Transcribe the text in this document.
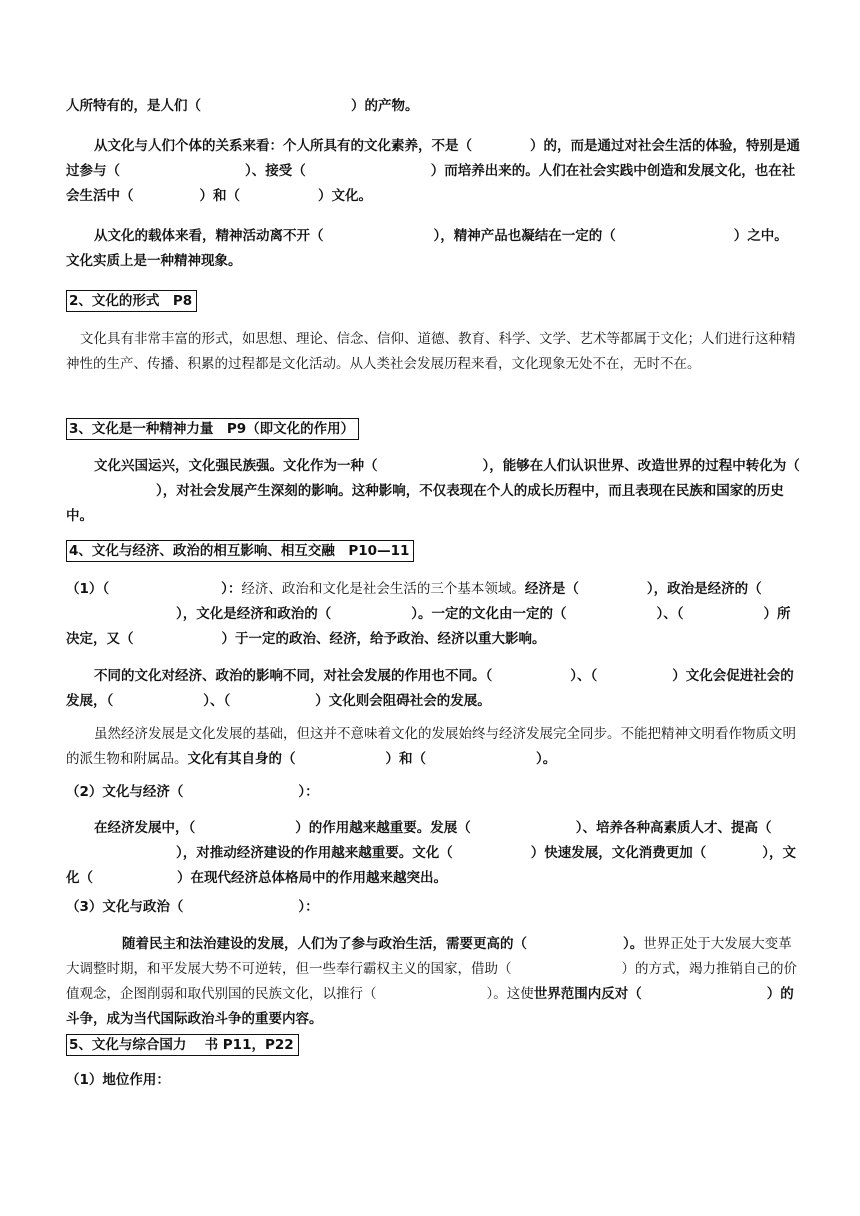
人所特有的，是人们（	）的产物。
从文化与人们个体的关系来看：个人所具有的文化素养，不是（	）的，而是通过对社会生活的体验，特别是通过参与（	）、接受（	）而培养出来的。人们在社会实践中创造和发展文化，也在社会生活中（	）和（	）文化。
从文化的载体来看，精神活动离不开（	），精神产品也凝结在一定的（	）之中。文化实质上是一种精神现象。
2、文化的形式　P8
文化具有非常丰富的形式，如思想、理论、信念、信仰、道德、教育、科学、文学、艺术等都属于文化；人们进行这种精神性的生产、传播、积累的过程都是文化活动。从人类社会发展历程来看，文化现象无处不在，无时不在。
3、文化是一种精神力量　P9（即文化的作用）
文化兴国运兴，文化强民族强。文化作为一种（	），能够在人们认识世界、改造世界的过程中转化为（），对社会发展产生深刻的影响。这种影响，不仅表现在个人的成长历程中，而且表现在民族和国家的历史中。
4、文化与经济、政治的相互影响、相互交融　P10—11
（1）（	）：经济、政治和文化是社会生活的三个基本领域。经济是（	），政治是经济的（），文化是经济和政治的（	）。一定的文化由一定的（	）、（	）所决定，又（	）于一定的政治、经济，给予政治、经济以重大影响。
不同的文化对经济、政治的影响不同，对社会发展的作用也不同。（	）、（	）文化会促进社会的发展，（	）、（	）文化则会阻碍社会的发展。
虽然经济发展是文化发展的基础，但这并不意味着文化的发展始终与经济发展完全同步。不能把精神文明看作物质文明的派生物和附属品。文化有其自身的（	）和（	）。
（2）文化与经济（	）：
在经济发展中，（	）的作用越来越重要。发展（	）、培养各种高素质人才、提高（），对推动经济建设的作用越来越重要。文化（	）快速发展，文化消费更加（	），文化（	）在现代经济总体格局中的作用越来越突出。
（3）文化与政治（	）：
随着民主和法治建设的发展，人们为了参与政治生活，需要更高的（	）。世界正处于大发展大变革大调整时期，和平发展大势不可逆转，但一些奉行霸权主义的国家，借助（	）的方式，竭力推销自己的价值观念，企图削弱和取代别国的民族文化，以推行（	）。这使世界范围内反对（	）的斗争，成为当代国际政治斗争的重要内容。
5、文化与综合国力　 书 P11，P22
（1）地位作用：
